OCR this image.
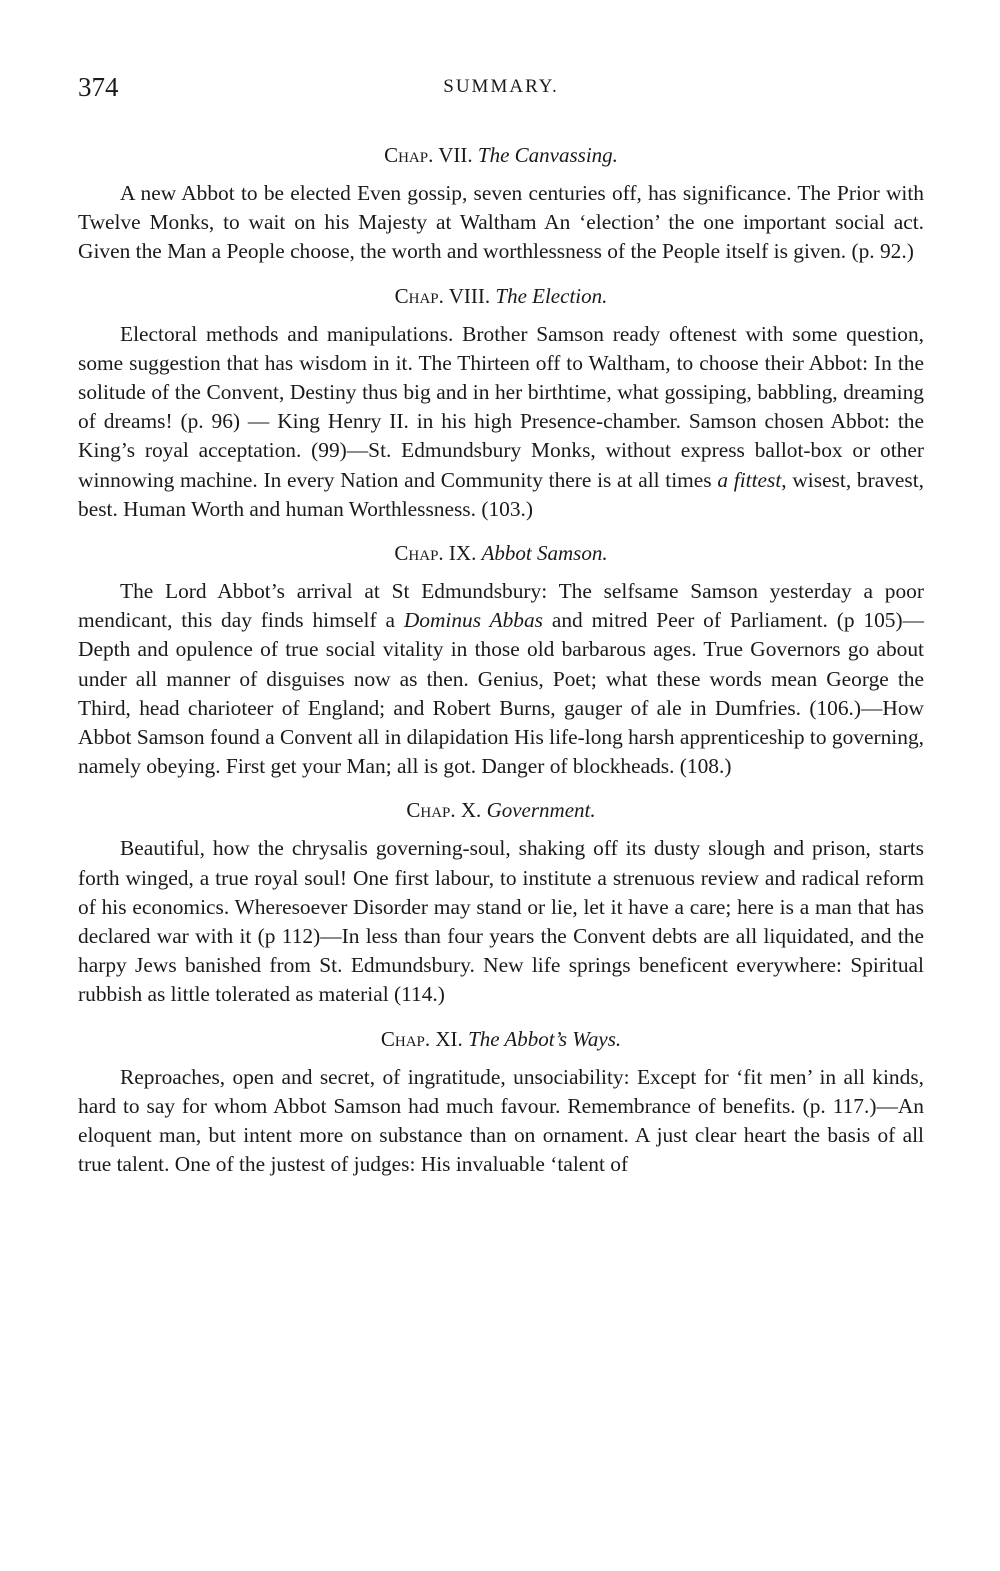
374	SUMMARY.
Chap. VII. The Canvassing.

A new Abbot to be elected Even gossip, seven centuries off, has significance. The Prior with Twelve Monks, to wait on his Majesty at Waltham An ‘election’ the one important social act. Given the Man a People choose, the worth and worthlessness of the People itself is given. (p. 92.)

Chap. VIII. The Election.

Electoral methods and manipulations. Brother Samson ready oftenest with some question, some suggestion that has wisdom in it. The Thirteen off to Waltham, to choose their Abbot: In the solitude of the Convent, Destiny thus big and in her birthtime, what gossiping, babbling, dreaming of dreams! (p. 96) — King Henry II. in his high Presence-chamber. Samson chosen Abbot: the King’s royal acceptation. (99)—St. Edmundsbury Monks, without express ballot-box or other winnowing machine. In every Nation and Community there is at all times a fittest, wisest, bravest, best. Human Worth and human Worthlessness. (103.)

Chap. IX. Abbot Samson.

The Lord Abbot’s arrival at St Edmundsbury: The selfsame Samson yesterday a poor mendicant, this day finds himself a Dominus Abbas and mitred Peer of Parliament. (p 105)—Depth and opulence of true social vitality in those old barbarous ages. True Governors go about under all manner of disguises now as then. Genius, Poet; what these words mean George the Third, head charioteer of England; and Robert Burns, gauger of ale in Dumfries. (106.)—How Abbot Samson found a Convent all in dilapidation His life-long harsh apprenticeship to governing, namely obeying. First get your Man; all is got. Danger of blockheads. (108.)

Chap. X. Government.

Beautiful, how the chrysalis governing-soul, shaking off its dusty slough and prison, starts forth winged, a true royal soul! One first labour, to institute a strenuous review and radical reform of his economics. Wheresoever Disorder may stand or lie, let it have a care; here is a man that has declared war with it (p 112)—In less than four years the Convent debts are all liquidated, and the harpy Jews banished from St. Edmundsbury. New life springs beneficent everywhere: Spiritual rubbish as little tolerated as material (114.)

Chap. XI. The Abbot’s Ways.

Reproaches, open and secret, of ingratitude, unsociability: Except for ‘fit men’ in all kinds, hard to say for whom Abbot Samson had much favour. Remembrance of benefits. (p. 117.)—An eloquent man, but intent more on substance than on ornament. A just clear heart the basis of all true talent. One of the justest of judges: His invaluable ‘talent of
